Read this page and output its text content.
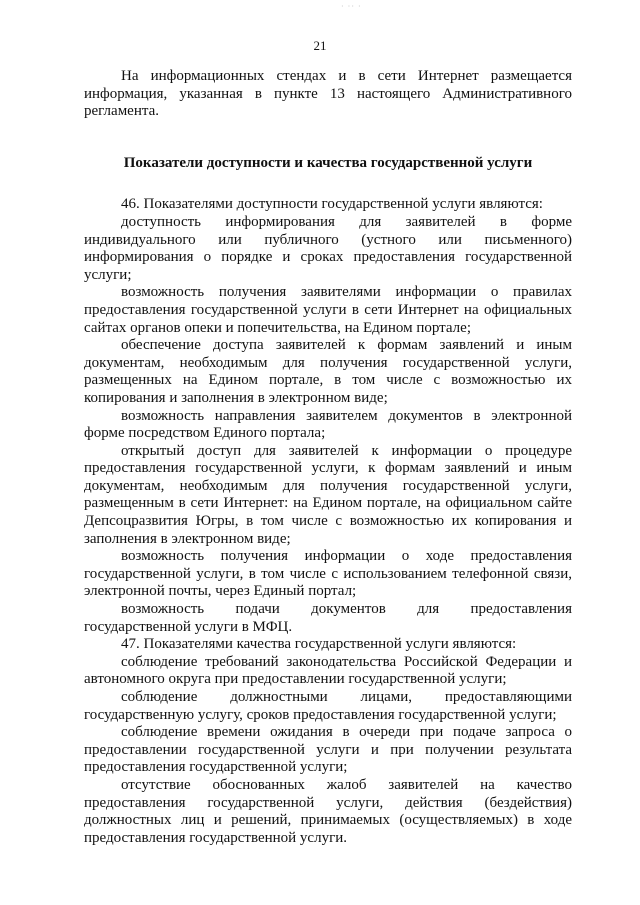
· ·· ·
21

На информационных стендах и в сети Интернет размещается информация, указанная в пункте 13 настоящего Административного регламента.

Показатели доступности и качества государственной услуги

46. Показателями доступности государственной услуги являются:

доступность информирования для заявителей в форме индивидуального или публичного (устного или письменного) информирования о порядке и сроках предоставления государственной услуги;

возможность получения заявителями информации о правилах предоставления государственной услуги в сети Интернет на официальных сайтах органов опеки и попечительства, на Едином портале;

обеспечение доступа заявителей к формам заявлений и иным документам, необходимым для получения государственной услуги, размещенных на Едином портале, в том числе с возможностью их копирования и заполнения в электронном виде;

возможность направления заявителем документов в электронной форме посредством Единого портала;

открытый доступ для заявителей к информации о процедуре предоставления государственной услуги, к формам заявлений и иным документам, необходимым для получения государственной услуги, размещенным в сети Интернет: на Едином портале, на официальном сайте Депсоцразвития Югры, в том числе с возможностью их копирования и заполнения в электронном виде;

возможность получения информации о ходе предоставления государственной услуги, в том числе с использованием телефонной связи, электронной почты, через Единый портал;

возможность подачи документов для предоставления государственной услуги в МФЦ.

47. Показателями качества государственной услуги являются:

соблюдение требований законодательства Российской Федерации и автономного округа при предоставлении государственной услуги;

соблюдение должностными лицами, предоставляющими государственную услугу, сроков предоставления государственной услуги;

соблюдение времени ожидания в очереди при подаче запроса о предоставлении государственной услуги и при получении результата предоставления государственной услуги;

отсутствие обоснованных жалоб заявителей на качество предоставления государственной услуги, действия (бездействия) должностных лиц и решений, принимаемых (осуществляемых) в ходе предоставления государственной услуги.
